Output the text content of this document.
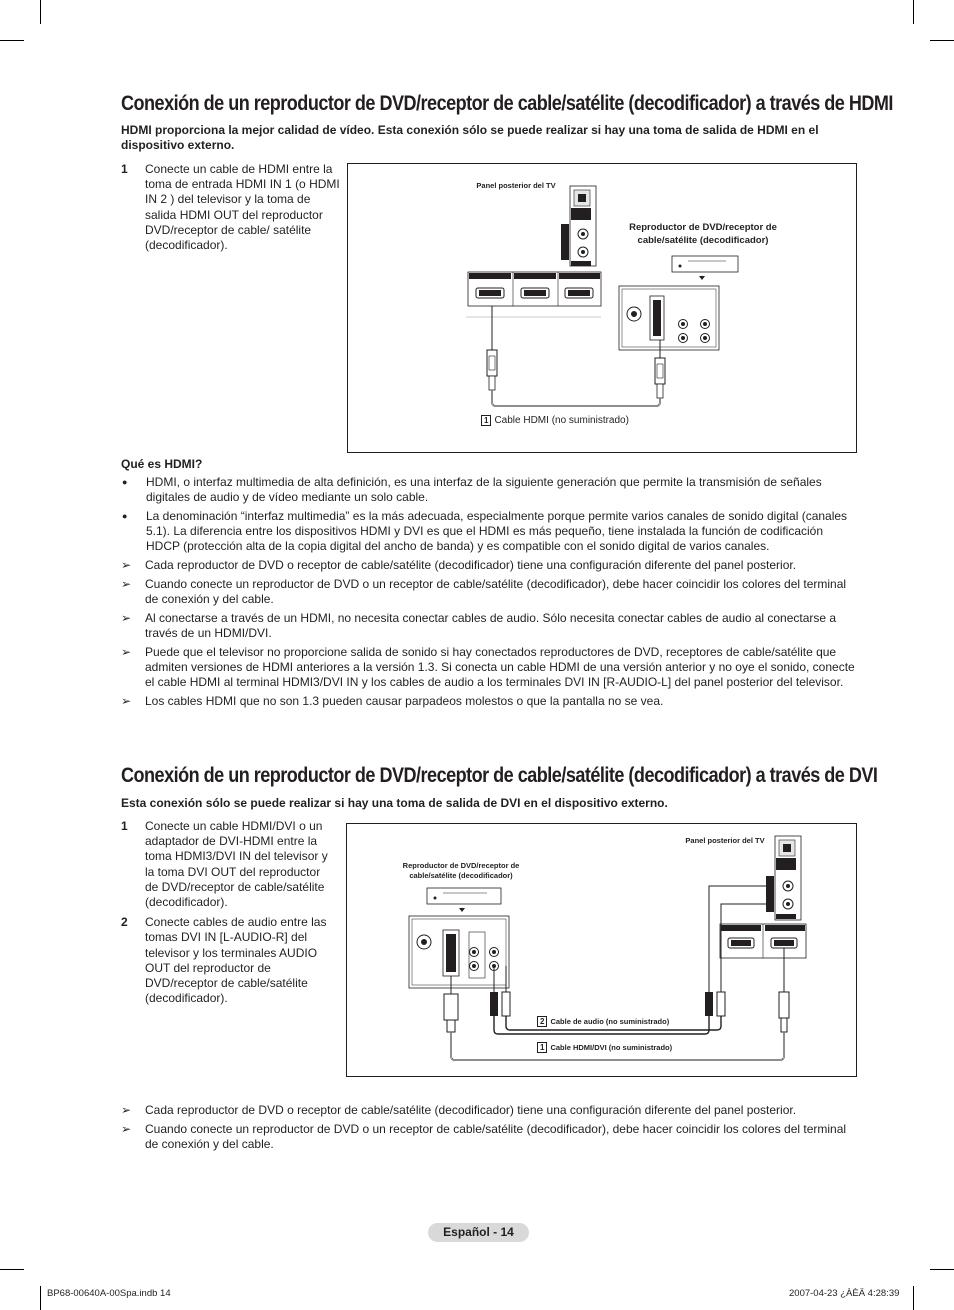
Conexión de un reproductor de DVD/receptor de cable/satélite (decodificador) a través de HDMI

HDMI proporciona la mejor calidad de vídeo. Esta conexión sólo se puede realizar si hay una toma de salida de HDMI en el dispositivo externo.

1	Conecte un cable de HDMI entre la toma de entrada HDMI IN 1 (o HDMI IN 2 ) del televisor y la toma de salida HDMI OUT del reproductor DVD/receptor de cable/ satélite (decodificador).
Panel posterior del TV
Reproductor de DVD/receptor de cable/satélite (decodificador)
1 Cable HDMI (no suministrado)

Qué es HDMI?

●	HDMI, o interfaz multimedia de alta definición, es una interfaz de la siguiente generación que permite la transmisión de señales digitales de audio y de vídeo mediante un solo cable.
●	La denominación “interfaz multimedia” es la más adecuada, especialmente porque permite varios canales de sonido digital (canales 5.1). La diferencia entre los dispositivos HDMI y DVI es que el HDMI es más pequeño, tiene instalada la función de codificación HDCP (protección alta de la copia digital del ancho de banda) y es compatible con el sonido digital de varios canales.
➢	Cada reproductor de DVD o receptor de cable/satélite (decodificador) tiene una configuración diferente del panel posterior.
➢	Cuando conecte un reproductor de DVD o un receptor de cable/satélite (decodificador), debe hacer coincidir los colores del terminal de conexión y del cable.
➢	Al conectarse a través de un HDMI, no necesita conectar cables de audio. Sólo necesita conectar cables de audio al conectarse a través de un HDMI/DVI.
➢	Puede que el televisor no proporcione salida de sonido si hay conectados reproductores de DVD, receptores de cable/satélite que admiten versiones de HDMI anteriores a la versión 1.3. Si conecta un cable HDMI de una versión anterior y no oye el sonido, conecte el cable HDMI al terminal HDMI3/DVI IN y los cables de audio a los terminales DVI IN [R-AUDIO-L] del panel posterior del televisor.
➢	Los cables HDMI que no son 1.3 pueden causar parpadeos molestos o que la pantalla no se vea.
Conexión de un reproductor de DVD/receptor de cable/satélite (decodificador) a través de DVI

Esta conexión sólo se puede realizar si hay una toma de salida de DVI en el dispositivo externo.

1	Conecte un cable HDMI/DVI o un adaptador de DVI-HDMI entre la toma HDMI3/DVI IN del televisor y la toma DVI OUT del reproductor de DVD/receptor de cable/satélite (decodificador).
2	Conecte cables de audio entre las tomas DVI IN [L-AUDIO-R] del televisor y los terminales AUDIO OUT del reproductor de DVD/receptor de cable/satélite (decodificador).
Reproductor de DVD/receptor de cable/satélite (decodificador)
Panel posterior del TV
2 Cable de audio (no suministrado)
1 Cable HDMI/DVI (no suministrado)
➢	Cada reproductor de DVD o receptor de cable/satélite (decodificador) tiene una configuración diferente del panel posterior.
➢	Cuando conecte un reproductor de DVD o un receptor de cable/satélite (decodificador), debe hacer coincidir los colores del terminal de conexión y del cable.
Español - 14
BP68-00640A-00Spa.indb 14	2007-04-23 ¿ÀÈÄ 4:28:39
